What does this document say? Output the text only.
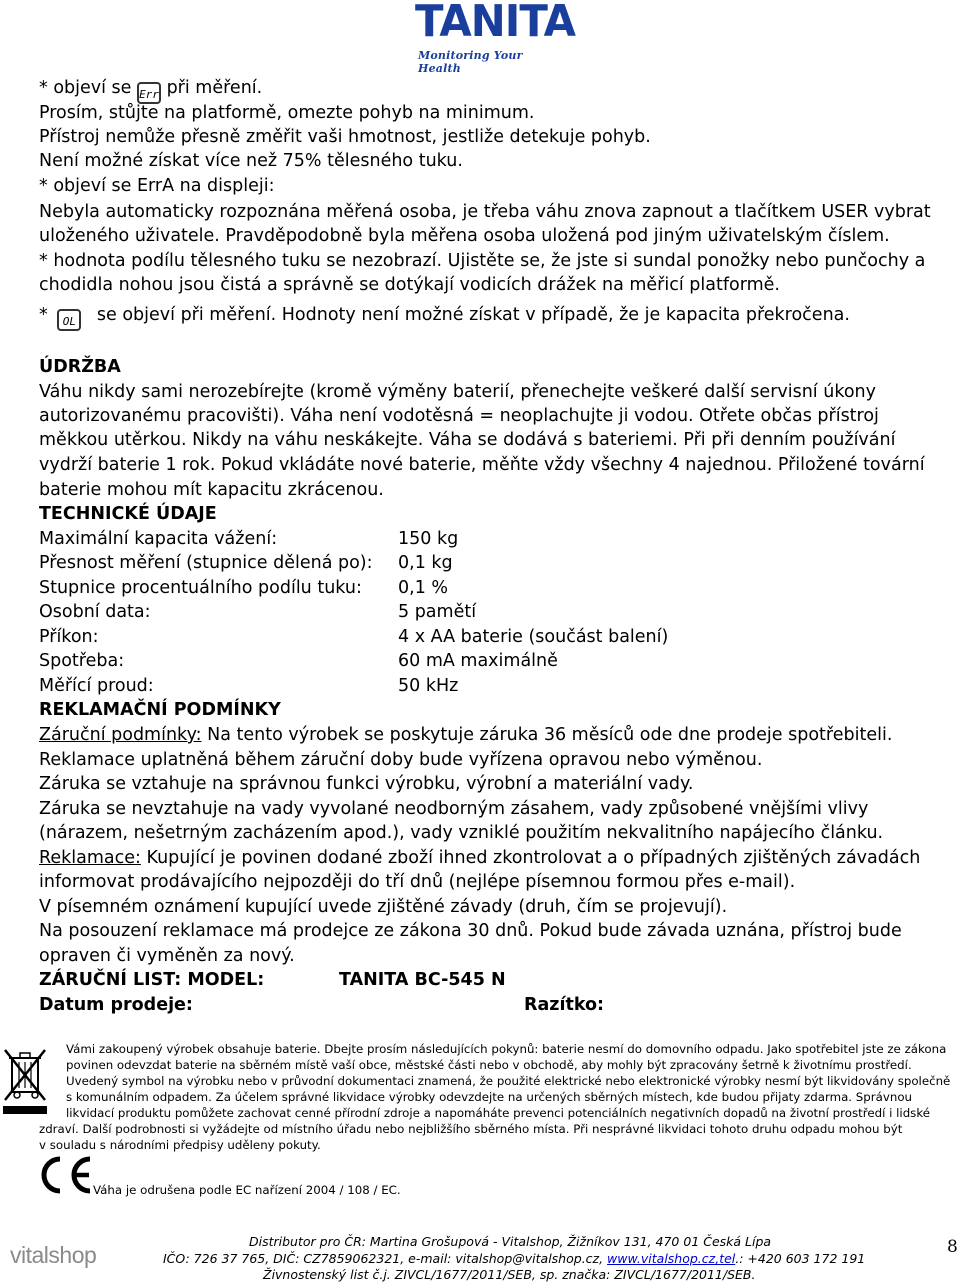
TANITA
Monitoring Your Health
* objeví se Err při měření.
Prosím, stůjte na platformě, omezte pohyb na minimum.
Přístroj nemůže přesně změřit vaši hmotnost, jestliže detekuje pohyb.
Není možné získat více než 75% tělesného tuku.
* objeví se ErrA na displeji:
Nebyla automaticky rozpoznána měřená osoba, je třeba váhu znova zapnout a tlačítkem USER vybrat
uloženého uživatele. Pravděpodobně byla měřena osoba uložená pod jiným uživatelským číslem.
* hodnota podílu tělesného tuku se nezobrazí. Ujistěte se, že jste si sundal ponožky nebo punčochy a
chodidla nohou jsou čistá a správně se dotýkají vodicích drážek na měřicí platformě.
* OL se objeví při měření. Hodnoty není možné získat v případě, že je kapacita překročena.
ÚDRŽBA
Váhu nikdy sami nerozebírejte (kromě výměny baterií, přenechejte veškeré další servisní úkony
autorizovanému pracovišti). Váha není vodotěsná = neoplachujte ji vodou. Otřete občas přístroj
měkkou utěrkou. Nikdy na váhu neskákejte. Váha se dodává s bateriemi. Při při denním používání
vydrží baterie 1 rok. Pokud vkládáte nové baterie, měňte vždy všechny 4 najednou. Přiložené tovární
baterie mohou mít kapacitu zkrácenou.
TECHNICKÉ ÚDAJE
Maximální kapacita vážení:	150 kg
Přesnost měření (stupnice dělená po): 0,1 kg
Stupnice procentuálního podílu tuku: 0,1 %
Osobní data:	5 pamětí
Příkon:	4 x AA baterie (součást balení)
Spotřeba:	60 mA maximálně
Měřící proud:	50 kHz
REKLAMAČNÍ PODMÍNKY
Záruční podmínky: Na tento výrobek se poskytuje záruka 36 měsíců ode dne prodeje spotřebiteli.
Reklamace uplatněná během záruční doby bude vyřízena opravou nebo výměnou.
Záruka se vztahuje na správnou funkci výrobku, výrobní a materiální vady.
Záruka se nevztahuje na vady vyvolané neodborným zásahem, vady způsobené vnějšími vlivy
(nárazem, nešetrným zacházením apod.), vady vzniklé použitím nekvalitního napájecího článku.
Reklamace: Kupující je povinen dodané zboží ihned zkontrolovat a o případných zjištěných závadách
informovat prodávajícího nejpozději do tří dnů (nejlépe písemnou formou přes e-mail).
V písemném oznámení kupující uvede zjištěné závady (druh, čím se projevují).
Na posouzení reklamace má prodejce ze zákona 30 dnů. Pokud bude závada uznána, přístroj bude
opraven či vyměněn za nový.
ZÁRUČNÍ LIST: MODEL:	TANITA BC-545 N
Datum prodeje:	Razítko:
Vámi zakoupený výrobek obsahuje baterie. Dbejte prosím následujících pokynů: baterie nesmí do domovního odpadu. Jako spotřebitel jste ze zákona
povinen odevzdat baterie na sběrném místě vaší obce, městské části nebo v obchodě, aby mohly být zpracovány šetrně k životnímu prostředí.
Uvedený symbol na výrobku nebo v průvodní dokumentaci znamená, že použité elektrické nebo elektronické výrobky nesmí být likvidovány společně
s komunálním odpadem. Za účelem správné likvidace výrobky odevzdejte na určených sběrných místech, kde budou přijaty zdarma. Správnou
likvidací produktu pomůžete zachovat cenné přírodní zdroje a napomáháte prevenci potenciálních negativních dopadů na životní prostředí i lidské
zdraví. Další podrobnosti si vyžádejte od místního úřadu nebo nejbližšího sběrného místa. Při nesprávné likvidaci tohoto druhu odpadu mohou být
v souladu s národními předpisy uděleny pokuty.
Váha je odrušena podle EC nařízení 2004 / 108 / EC.
vitalshop
Distributor pro ČR: Martina Grošupová - Vitalshop, Žižníkov 131, 470 01 Česká Lípa
IČO: 726 37 765, DIČ: CZ7859062321, e-mail: vitalshop@vitalshop.cz, www.vitalshop.cz,tel.: +420 603 172 191
Živnostenský list č.j. ZIVCL/1677/2011/SEB, sp. značka: ZIVCL/1677/2011/SEB.
8
